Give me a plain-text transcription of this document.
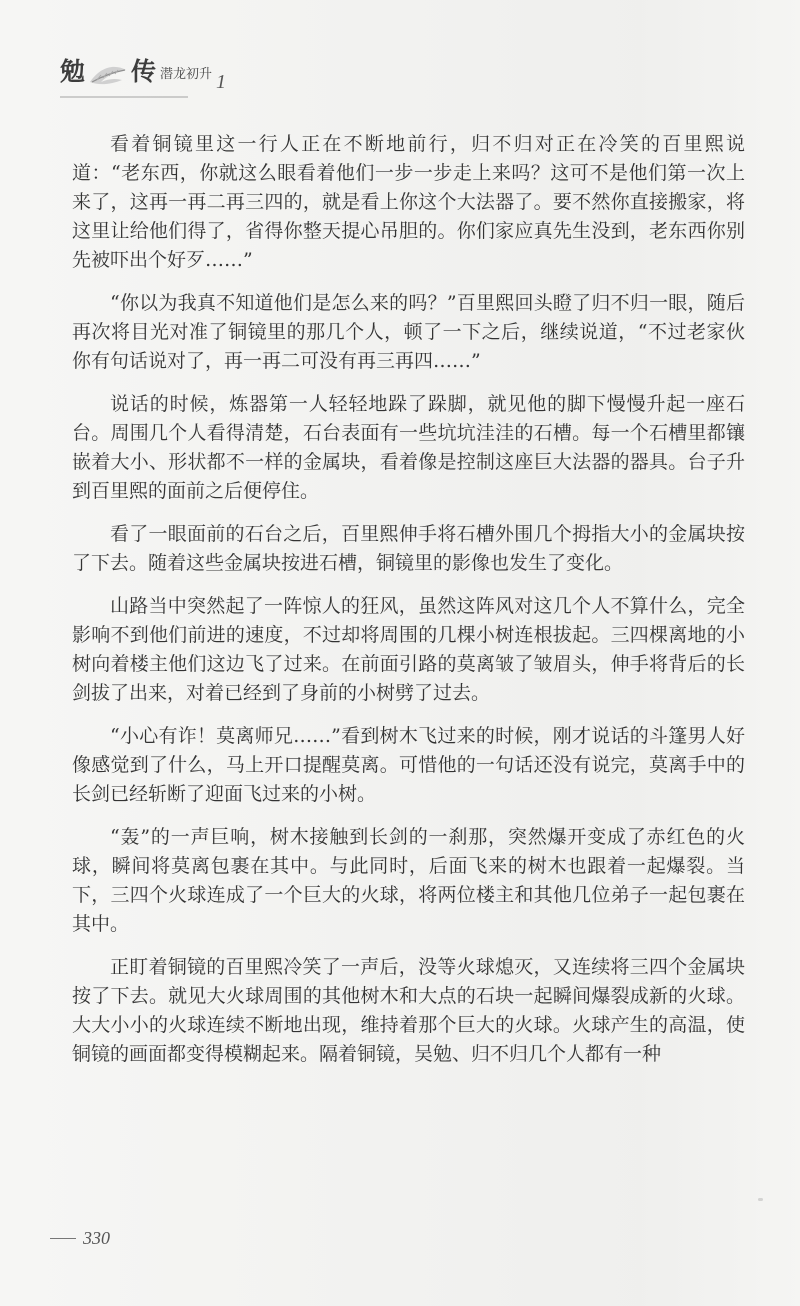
勉 传 潜龙初升 1

看着铜镜里这一行人正在不断地前行，归不归对正在冷笑的百里熙说道：“老东西，你就这么眼看着他们一步一步走上来吗？这可不是他们第一次上来了，这再一再二再三四的，就是看上你这个大法器了。要不然你直接搬家，将这里让给他们得了，省得你整天提心吊胆的。你们家应真先生没到，老东西你别先被吓出个好歹……”

“你以为我真不知道他们是怎么来的吗？”百里熙回头瞪了归不归一眼，随后再次将目光对准了铜镜里的那几个人，顿了一下之后，继续说道，“不过老家伙你有句话说对了，再一再二可没有再三再四……”

说话的时候，炼器第一人轻轻地跺了跺脚，就见他的脚下慢慢升起一座石台。周围几个人看得清楚，石台表面有一些坑坑洼洼的石槽。每一个石槽里都镶嵌着大小、形状都不一样的金属块，看着像是控制这座巨大法器的器具。台子升到百里熙的面前之后便停住。

看了一眼面前的石台之后，百里熙伸手将石槽外围几个拇指大小的金属块按了下去。随着这些金属块按进石槽，铜镜里的影像也发生了变化。

山路当中突然起了一阵惊人的狂风，虽然这阵风对这几个人不算什么，完全影响不到他们前进的速度，不过却将周围的几棵小树连根拔起。三四棵离地的小树向着楼主他们这边飞了过来。在前面引路的莫离皱了皱眉头，伸手将背后的长剑拔了出来，对着已经到了身前的小树劈了过去。

“小心有诈！莫离师兄……”看到树木飞过来的时候，刚才说话的斗篷男人好像感觉到了什么，马上开口提醒莫离。可惜他的一句话还没有说完，莫离手中的长剑已经斩断了迎面飞过来的小树。

“轰”的一声巨响，树木接触到长剑的一刹那，突然爆开变成了赤红色的火球，瞬间将莫离包裹在其中。与此同时，后面飞来的树木也跟着一起爆裂。当下，三四个火球连成了一个巨大的火球，将两位楼主和其他几位弟子一起包裹在其中。

正盯着铜镜的百里熙冷笑了一声后，没等火球熄灭，又连续将三四个金属块按了下去。就见大火球周围的其他树木和大点的石块一起瞬间爆裂成新的火球。大大小小的火球连续不断地出现，维持着那个巨大的火球。火球产生的高温，使铜镜的画面都变得模糊起来。隔着铜镜，吴勉、归不归几个人都有一种

330
